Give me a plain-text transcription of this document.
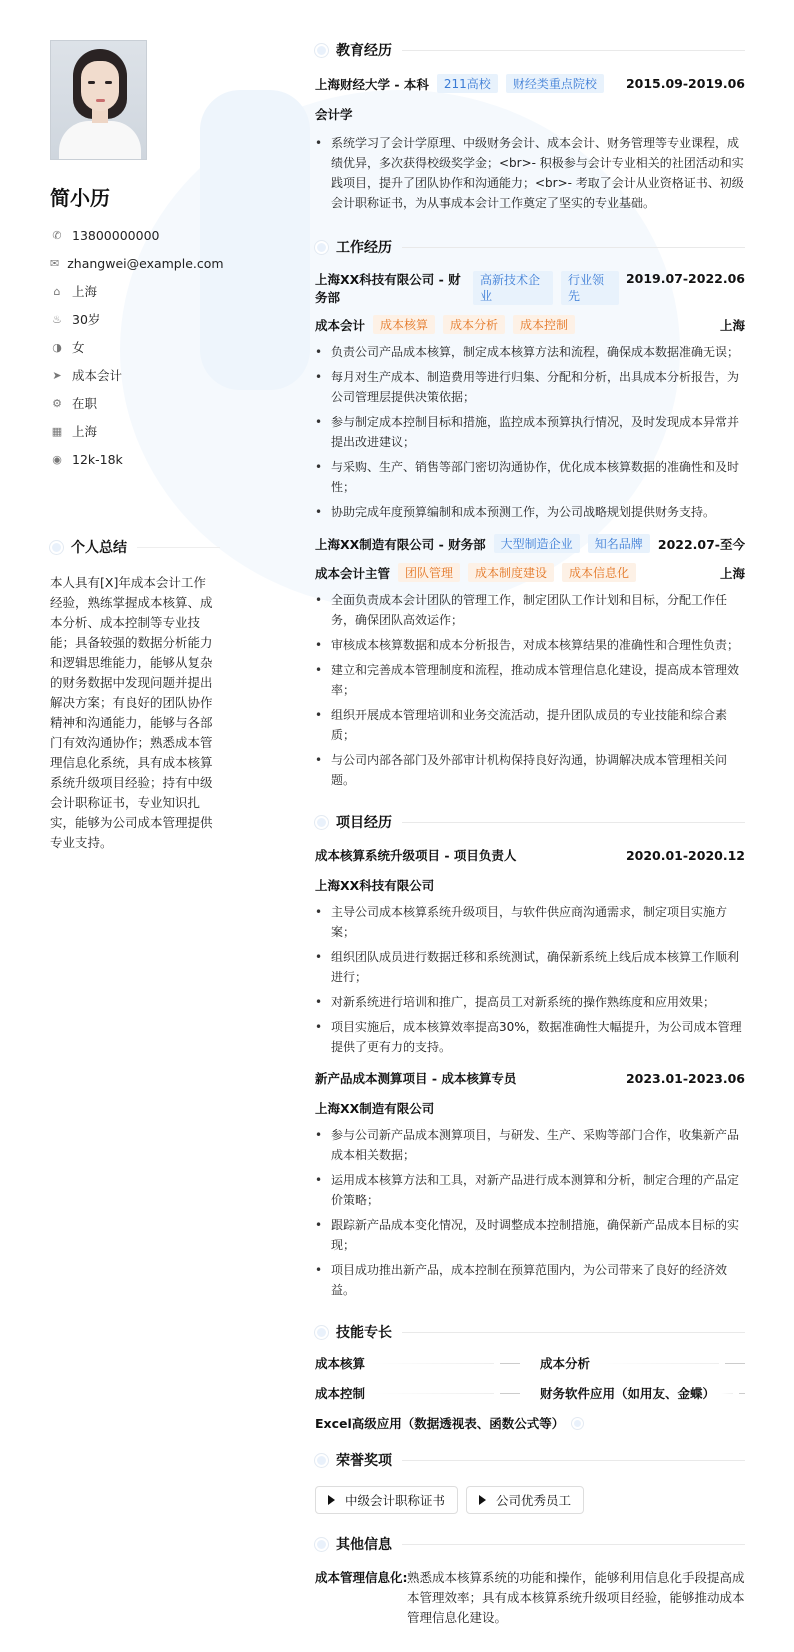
简小历
✆ 13800000000
✉ zhangwei@example.com
⌂ 上海
♨ 30岁
◑ 女
➤ 成本会计
⚙ 在职
▦ 上海
◉ 12k-18k
个人总结
本人具有[X]年成本会计工作经验，熟练掌握成本核算、成本分析、成本控制等专业技能；具备较强的数据分析能力和逻辑思维能力，能够从复杂的财务数据中发现问题并提出解决方案；有良好的团队协作精神和沟通能力，能够与各部门有效沟通协作；熟悉成本管理信息化系统，具有成本核算系统升级项目经验；持有中级会计职称证书，专业知识扎实，能够为公司成本管理提供专业支持。
教育经历
上海财经大学 - 本科	211高校	财经类重点院校	2015.09-2019.06
会计学
• 系统学习了会计学原理、中级财务会计、成本会计、财务管理等专业课程，成绩优异，多次获得校级奖学金；<br>- 积极参与会计专业相关的社团活动和实践项目，提升了团队协作和沟通能力；<br>- 考取了会计从业资格证书、初级会计职称证书，为从事成本会计工作奠定了坚实的专业基础。
工作经历
上海XX科技有限公司 - 财务部
高新技术企业
行业领先
2019.07-2022.06
成本会计	成本核算	成本分析	成本控制	上海
• 负责公司产品成本核算，制定成本核算方法和流程，确保成本数据准确无误；
• 每月对生产成本、制造费用等进行归集、分配和分析，出具成本分析报告，为公司管理层提供决策依据；
• 参与制定成本控制目标和措施，监控成本预算执行情况，及时发现成本异常并提出改进建议；
• 与采购、生产、销售等部门密切沟通协作，优化成本核算数据的准确性和及时性；
• 协助完成年度预算编制和成本预测工作，为公司战略规划提供财务支持。
上海XX制造有限公司 - 财务部	大型制造企业	知名品牌	2022.07-至今
成本会计主管	团队管理	成本制度建设	成本信息化	上海
• 全面负责成本会计团队的管理工作，制定团队工作计划和目标，分配工作任务，确保团队高效运作；
• 审核成本核算数据和成本分析报告，对成本核算结果的准确性和合理性负责；
• 建立和完善成本管理制度和流程，推动成本管理信息化建设，提高成本管理效率；
• 组织开展成本管理培训和业务交流活动，提升团队成员的专业技能和综合素质；
• 与公司内部各部门及外部审计机构保持良好沟通，协调解决成本管理相关问题。
项目经历
成本核算系统升级项目 - 项目负责人	2020.01-2020.12
上海XX科技有限公司
• 主导公司成本核算系统升级项目，与软件供应商沟通需求，制定项目实施方案；
• 组织团队成员进行数据迁移和系统测试，确保新系统上线后成本核算工作顺利进行；
• 对新系统进行培训和推广，提高员工对新系统的操作熟练度和应用效果；
• 项目实施后，成本核算效率提高30%，数据准确性大幅提升，为公司成本管理提供了更有力的支持。
新产品成本测算项目 - 成本核算专员	2023.01-2023.06
上海XX制造有限公司
• 参与公司新产品成本测算项目，与研发、生产、采购等部门合作，收集新产品成本相关数据；
• 运用成本核算方法和工具，对新产品进行成本测算和分析，制定合理的产品定价策略；
• 跟踪新产品成本变化情况，及时调整成本控制措施，确保新产品成本目标的实现；
• 项目成功推出新产品，成本控制在预算范围内，为公司带来了良好的经济效益。
技能专长
成本核算	成本分析
成本控制	财务软件应用（如用友、金蝶）
Excel高级应用（数据透视表、函数公式等）
荣誉奖项
中级会计职称证书	公司优秀员工
其他信息
成本管理信息化: 熟悉成本核算系统的功能和操作，能够利用信息化手段提高成本管理效率；具有成本核算系统升级项目经验，能够推动成本管理信息化建设。
